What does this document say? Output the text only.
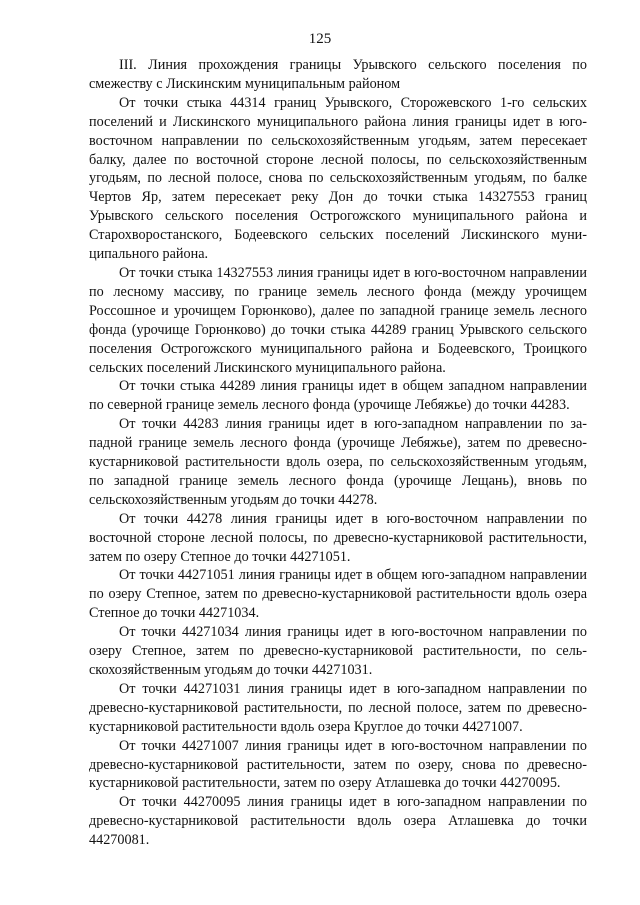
125

III. Линия прохождения границы Урывского сельского поселения по смежеству с Лискинским муниципальным районом

От точки стыка 44314 границ Урывского, Сторожевского 1-го сельских поселений и Лискинского муниципального района линия границы идет в юго-восточном направлении по сельскохозяйственным угодьям, затем пересекает балку, далее по восточной стороне лесной полосы, по сельскохозяйственным угодьям, по лесной полосе, снова по сельскохозяйственным угодьям, по балке Чертов Яр, затем пересекает реку Дон до точки стыка 14327553 границ Урывского сельского поселения Острогожского муниципального района и Старохворостанского, Бодеевского сельских поселений Лискинского муниципального района.

От точки стыка 14327553 линия границы идет в юго-восточном направлении по лесному массиву, по границе земель лесного фонда (между урочищем Россошное и урочищем Горюнково), далее по западной границе земель лесного фонда (урочище Горюнково) до точки стыка 44289 границ Урывского сельского поселения Острогожского муниципального района и Бодеевского, Троицкого сельских поселений Лискинского муниципального района.

От точки стыка 44289 линия границы идет в общем западном направлении по северной границе земель лесного фонда (урочище Лебяжье) до точки 44283.

От точки 44283 линия границы идет в юго-западном направлении по западной границе земель лесного фонда (урочище Лебяжье), затем по древесно-кустарниковой растительности вдоль озера, по сельскохозяйственным угодьям, по западной границе земель лесного фонда (урочище Лещань), вновь по сельскохозяйственным угодьям до точки 44278.

От точки 44278 линия границы идет в юго-восточном направлении по восточной стороне лесной полосы, по древесно-кустарниковой растительности, затем по озеру Степное до точки 44271051.

От точки 44271051 линия границы идет в общем юго-западном направлении по озеру Степное, затем по древесно-кустарниковой растительности вдоль озера Степное до точки 44271034.

От точки 44271034 линия границы идет в юго-восточном направлении по озеру Степное, затем по древесно-кустарниковой растительности, по сельскохозяйственным угодьям до точки 44271031.

От точки 44271031 линия границы идет в юго-западном направлении по древесно-кустарниковой растительности, по лесной полосе, затем по древесно-кустарниковой растительности вдоль озера Круглое до точки 44271007.

От точки 44271007 линия границы идет в юго-восточном направлении по древесно-кустарниковой растительности, затем по озеру, снова по древесно-кустарниковой растительности, затем по озеру Атлашевка до точки 44270095.

От точки 44270095 линия границы идет в юго-западном направлении по древесно-кустарниковой растительности вдоль озера Атлашевка до точки 44270081.
